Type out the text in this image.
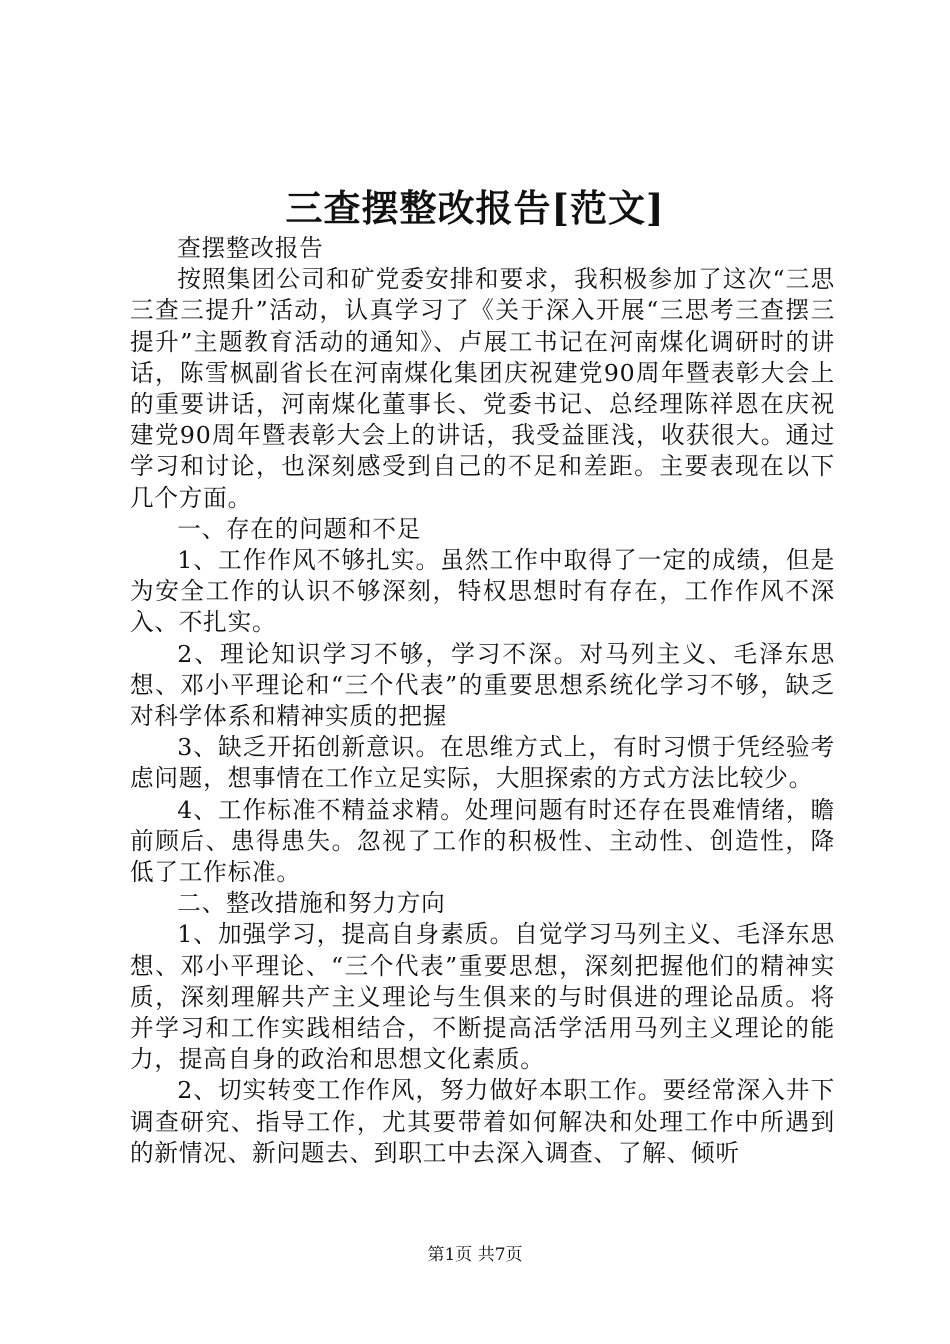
三查摆整改报告[范文]

查摆整改报告

按照集团公司和矿党委安排和要求，我积极参加了这次“三思三查三提升”活动，认真学习了《关于深入开展“三思考三查摆三提升”主题教育活动的通知》、卢展工书记在河南煤化调研时的讲话，陈雪枫副省长在河南煤化集团庆祝建党90周年暨表彰大会上的重要讲话，河南煤化董事长、党委书记、总经理陈祥恩在庆祝建党90周年暨表彰大会上的讲话，我受益匪浅，收获很大。通过学习和讨论，也深刻感受到自己的不足和差距。主要表现在以下几个方面。

一、存在的问题和不足

1、工作作风不够扎实。虽然工作中取得了一定的成绩，但是为安全工作的认识不够深刻，特权思想时有存在，工作作风不深入、不扎实。

2、理论知识学习不够，学习不深。对马列主义、毛泽东思想、邓小平理论和“三个代表”的重要思想系统化学习不够，缺乏对科学体系和精神实质的把握

3、缺乏开拓创新意识。在思维方式上，有时习惯于凭经验考虑问题，想事情在工作立足实际，大胆探索的方式方法比较少。

4、工作标准不精益求精。处理问题有时还存在畏难情绪，瞻前顾后、患得患失。忽视了工作的积极性、主动性、创造性，降低了工作标准。

二、整改措施和努力方向

1、加强学习，提高自身素质。自觉学习马列主义、毛泽东思想、邓小平理论、“三个代表”重要思想，深刻把握他们的精神实质，深刻理解共产主义理论与生俱来的与时俱进的理论品质。将并学习和工作实践相结合，不断提高活学活用马列主义理论的能力，提高自身的政治和思想文化素质。

2、切实转变工作作风，努力做好本职工作。要经常深入井下调查研究、指导工作，尤其要带着如何解决和处理工作中所遇到的新情况、新问题去、到职工中去深入调查、了解、倾听

第1页 共7页
